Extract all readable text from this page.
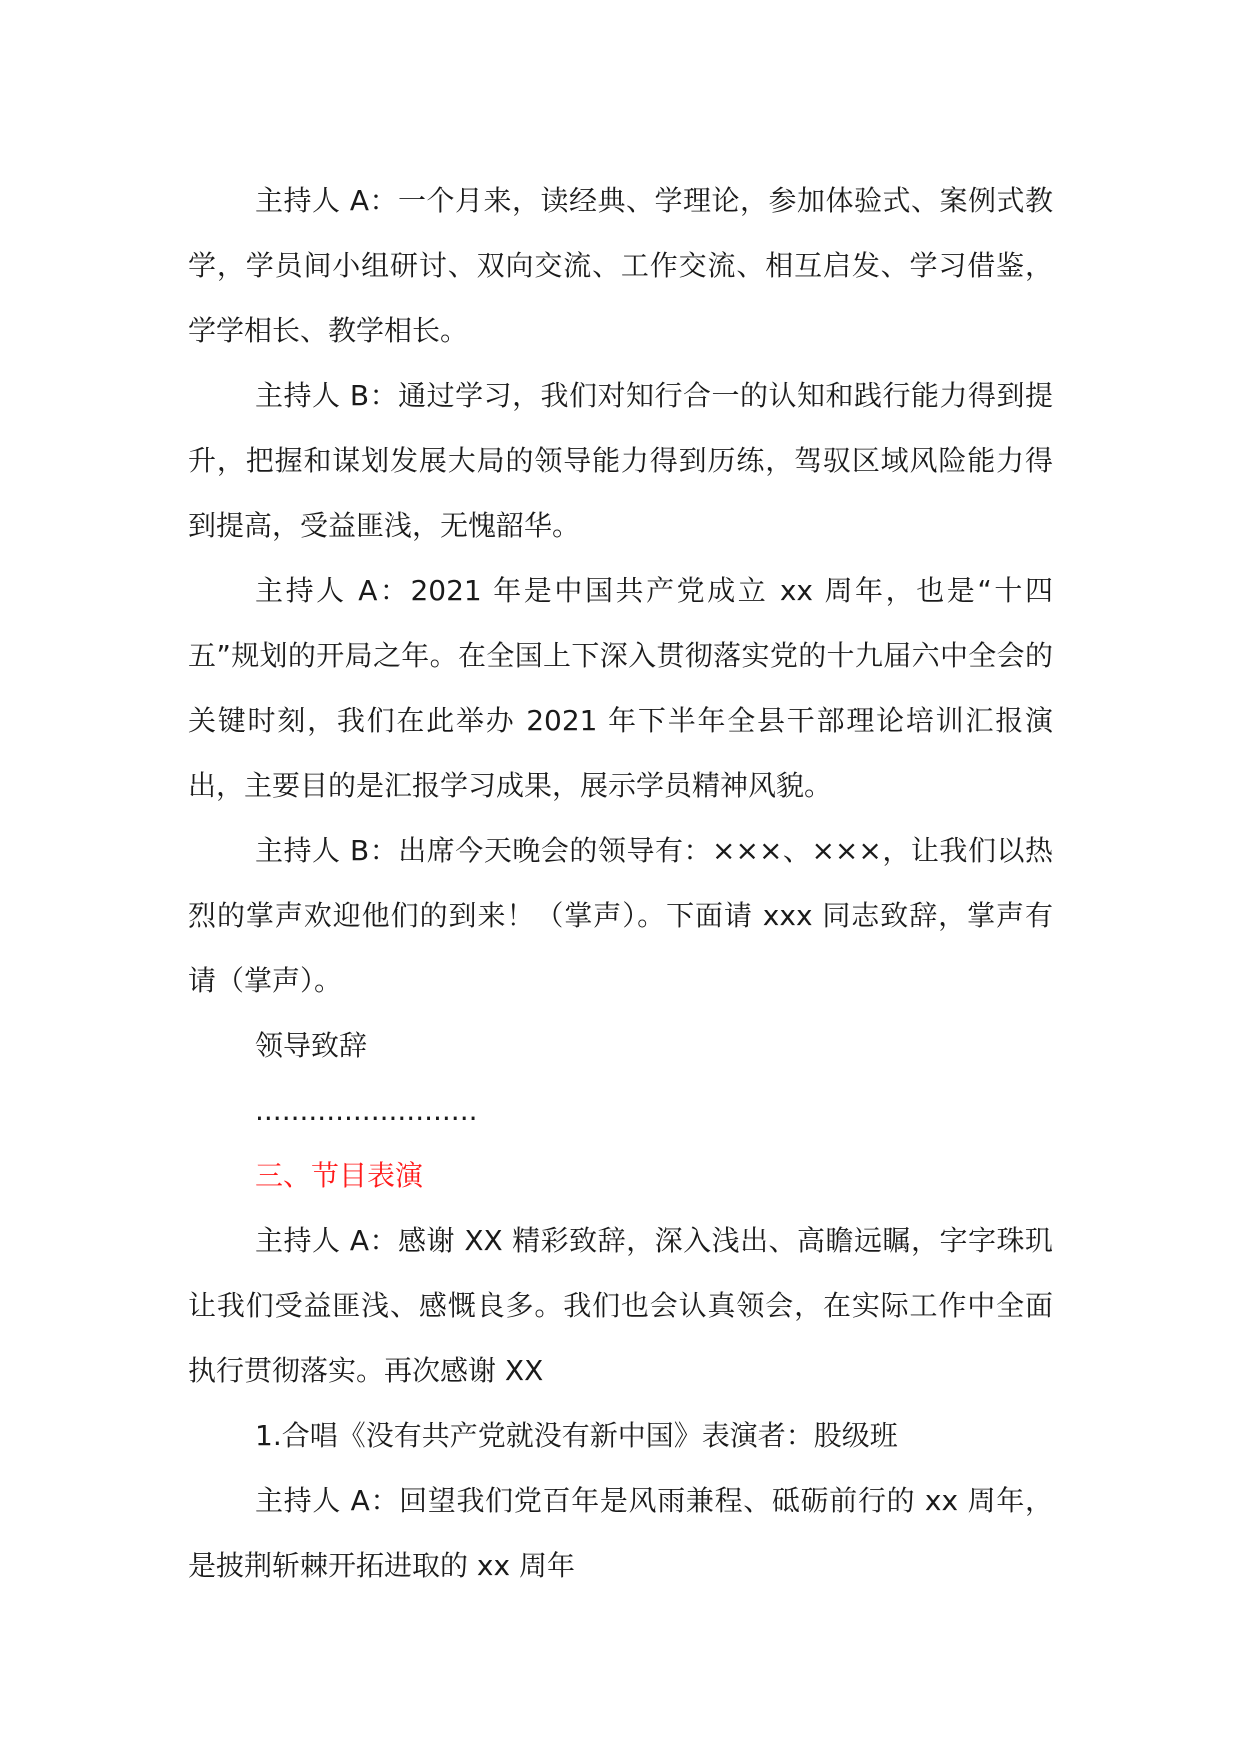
主持人 A：一个月来，读经典、学理论，参加体验式、案例式教学，学员间小组研讨、双向交流、工作交流、相互启发、学习借鉴，学学相长、教学相长。

主持人 B：通过学习，我们对知行合一的认知和践行能力得到提升，把握和谋划发展大局的领导能力得到历练，驾驭区域风险能力得到提高，受益匪浅，无愧韶华。

主持人 A：2021 年是中国共产党成立 xx 周年，也是“十四五”规划的开局之年。在全国上下深入贯彻落实党的十九届六中全会的关键时刻，我们在此举办 2021 年下半年全县干部理论培训汇报演出，主要目的是汇报学习成果，展示学员精神风貌。

主持人 B：出席今天晚会的领导有：×××、×××，让我们以热烈的掌声欢迎他们的到来！（掌声）。下面请 xxx 同志致辞，掌声有请（掌声）。

领导致辞

.........................

三、节目表演

主持人 A：感谢 XX 精彩致辞，深入浅出、高瞻远瞩，字字珠玑让我们受益匪浅、感慨良多。我们也会认真领会，在实际工作中全面执行贯彻落实。再次感谢 XX

1.合唱《没有共产党就没有新中国》表演者：股级班

主持人 A：回望我们党百年是风雨兼程、砥砺前行的 xx 周年，是披荆斩棘开拓进取的 xx 周年
